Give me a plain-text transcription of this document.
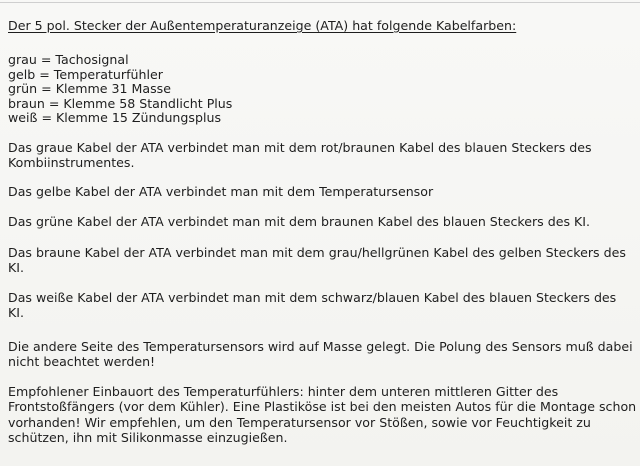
Der 5 pol. Stecker der Außentemperaturanzeige (ATA) hat folgende Kabelfarben:
grau = Tachosignal
gelb = Temperaturfühler
grün = Klemme 31 Masse
braun = Klemme 58 Standlicht Plus
weiß = Klemme 15 Zündungsplus
Das graue Kabel der ATA verbindet man mit dem rot/braunen Kabel des blauen Steckers des
Kombiinstrumentes.
Das gelbe Kabel der ATA verbindet man mit dem Temperatursensor
Das grüne Kabel der ATA verbindet man mit dem braunen Kabel des blauen Steckers des KI.
Das braune Kabel der ATA verbindet man mit dem grau/hellgrünen Kabel des gelben Steckers des
KI.
Das weiße Kabel der ATA verbindet man mit dem schwarz/blauen Kabel des blauen Steckers des
KI.
Die andere Seite des Temperatursensors wird auf Masse gelegt. Die Polung des Sensors muß dabei
nicht beachtet werden!
Empfohlener Einbauort des Temperaturfühlers: hinter dem unteren mittleren Gitter des
Frontstoßfängers (vor dem Kühler). Eine Plastiköse ist bei den meisten Autos für die Montage schon
vorhanden! Wir empfehlen, um den Temperatursensor vor Stößen, sowie vor Feuchtigkeit zu
schützen, ihn mit Silikonmasse einzugießen.
